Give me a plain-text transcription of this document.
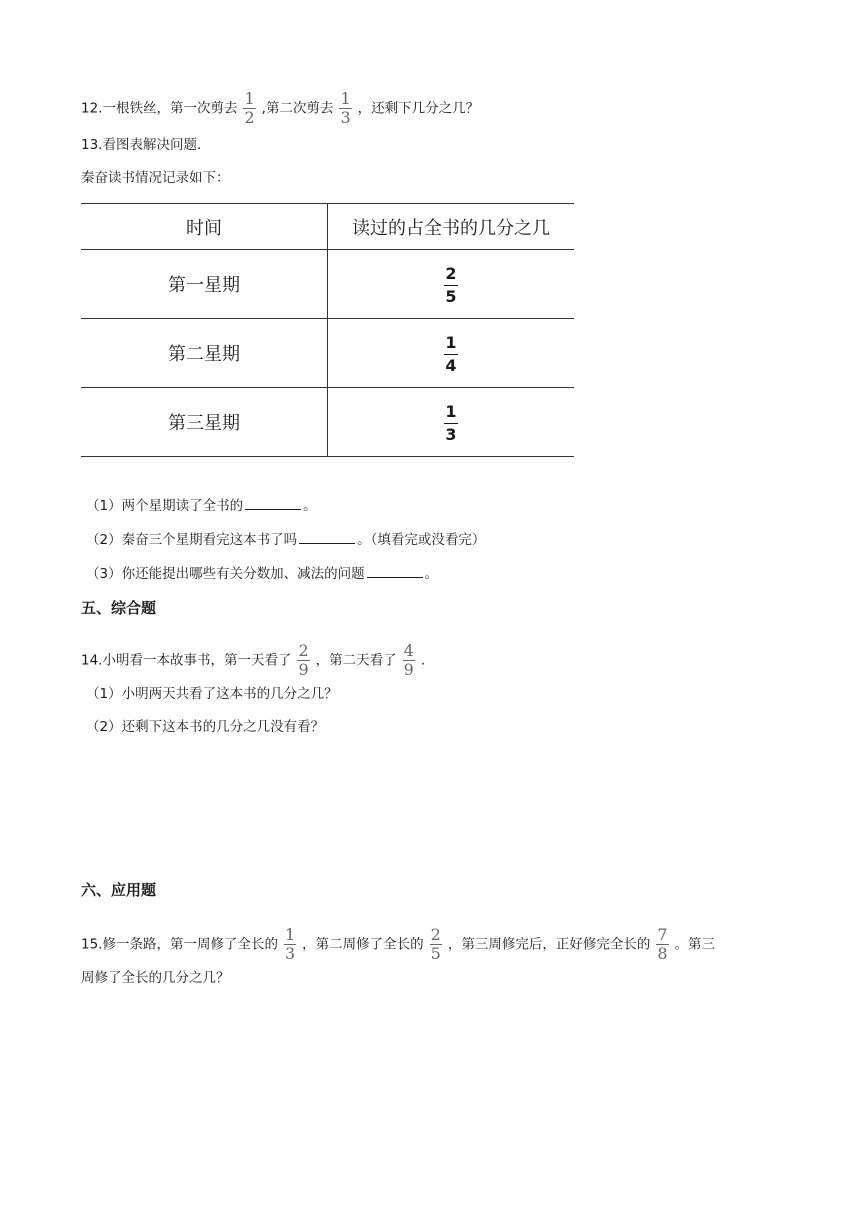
12.一根铁丝，第一次剪去 $\frac{1}{2}$ ,第二次剪去 $\frac{1}{3}$ ，还剩下几分之几？
13.看图表解决问题.
秦奋读书情况记录如下：
时间	读过的占全书的几分之几
第一星期	$\frac{2}{5}$

第二星期	$\frac{1}{4}$

第三星期	$\frac{1}{3}$
（1）两个星期读了全书的	。
（2）秦奋三个星期看完这本书了吗	。（填看完或没看完）
（3）你还能提出哪些有关分数加、减法的问题	。
五、综合题
14.小明看一本故事书，第一天看了 $\frac{2}{9}$ ，第二天看了 $\frac{4}{9}$ .
（1）小明两天共看了这本书的几分之几？
（2）还剩下这本书的几分之几没有看？
六、应用题
15.修一条路，第一周修了全长的 $\frac{1}{3}$ ，第二周修了全长的 $\frac{2}{5}$ ，第三周修完后，正好修完全长的 $\frac{7}{8}$ 。第三
周修了全长的几分之几？
